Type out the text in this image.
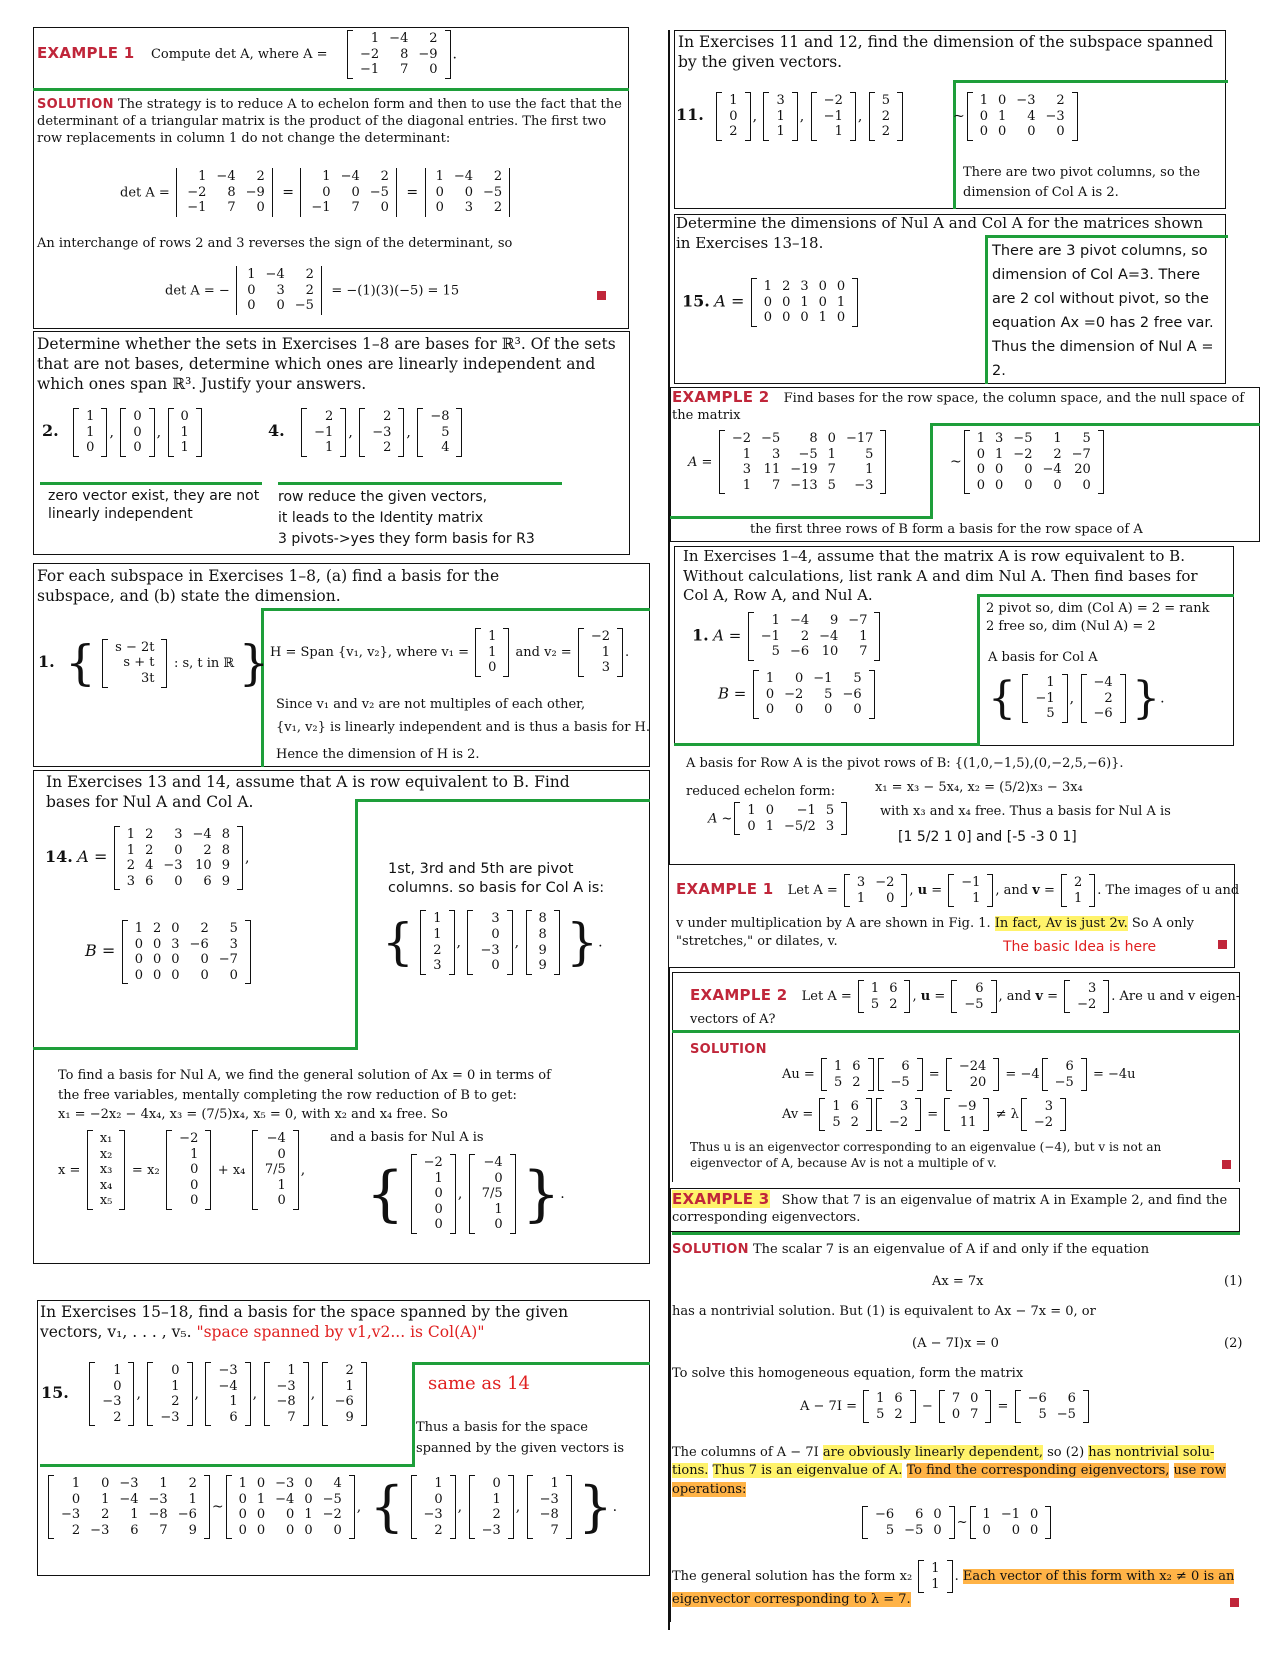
EXAMPLE 1 Compute det A, where A =
1	−4	2
−2	8	−9
−1	7	0
.
SOLUTION The strategy is to reduce A to echelon form and then to use the fact that the determinant of a triangular matrix is the product of the diagonal entries. The first two row replacements in column 1 do not change the determinant:
det A =
1	−4	2
−2	8	−9
−1	7	0
=
1	−4	2
0	0	−5
−1	7	0
=
1	−4	2
0	0	−5
0	3	2
An interchange of rows 2 and 3 reverses the sign of the determinant, so
det A = −
1	−4	2
0	3	2
0	0	−5
= −(1)(3)(−5) = 15
Determine whether the sets in Exercises 1–8 are bases for ℝ³. Of the sets that are not bases, determine which ones are linearly independent and which ones span ℝ³. Justify your answers.
2.
1
1
0
,
0
0
0
,
0
1
1
4.
2
−1
1
,
2
−3
2
,
−8
5
4
zero vector exist, they are not linearly independent
row reduce the given vectors,
it leads to the Identity matrix
3 pivots->yes they form basis for R3
For each subspace in Exercises 1–8, (a) find a basis for the subspace, and (b) state the dimension.
1. { s − 2t
s + t
3t
: s, t in ℝ } H = Span {v₁, v₂}, where v₁ =
1
1
0
and v₂ =
−2
1
3
.
Since v₁ and v₂ are not multiples of each other,
{v₁, v₂} is linearly independent and is thus a basis for H.
Hence the dimension of H is 2.
In Exercises 13 and 14, assume that A is row equivalent to B. Find bases for Nul A and Col A.
14. A =
1	2	3	−4	8
1	2	0	2	8
2	4	−3	10	9
3	6	0	6	9
,
B =
1	2	0	2	5
0	0	3	−6	3
0	0	0	0	−7
0	0	0	0	0
1st, 3rd and 5th are pivot columns. so basis for Col A is:
{ 1
1
2
3
,
3
0
−3
0
,
8
8
9
9 }.
To find a basis for Nul A, we find the general solution of Ax = 0 in terms of
the free variables, mentally completing the row reduction of B to get:
x₁ = −2x₂ − 4x₄, x₃ = (7/5)x₄, x₅ = 0, with x₂ and x₄ free. So
x =
x₁
x₂
x₃
x₄
x₅
= x₂
−2
1
0
0
0
+ x₄
−4
0
7/5
1
0
,
and a basis for Nul A is
{ −2
1
0
0
0
,
−4
0
7/5
1
0 }.
In Exercises 15–18, find a basis for the space spanned by the given vectors, v₁, . . . , v₅. "space spanned by v1,v2... is Col(A)"
15.
1
0
−3
2
,
0
1
2
−3
,
−3
−4
1
6
,
1
−3
−8
7
,
2
1
−6
9
same as 14
Thus a basis for the space spanned by the given vectors is
1	0	−3	1	2
0	1	−4	−3	1
−3	2	1	−8	−6
2	−3	6	7	9
~
1	0	−3	0	4
0	1	−4	0	−5
0	0	0	1	−2
0	0	0	0	0
, { 1
0
−3
2
,
0
1
2
−3
,
1
−3
−8
7 }.
In Exercises 11 and 12, find the dimension of the subspace spanned by the given vectors.
11.
1
0
2
,
3
1
1
,
−2
−1
1
,
5
2
2
~
1	0	−3	2
0	1	4	−3
0	0	0	0
There are two pivot columns, so the dimension of Col A is 2.
Determine the dimensions of Nul A and Col A for the matrices shown in Exercises 13–18.
15. A =
1	2	3	0	0
0	0	1	0	1
0	0	0	1	0
There are 3 pivot columns, so dimension of Col A=3. There are 2 col without pivot, so the equation Ax =0 has 2 free var. Thus the dimension of Nul A = 2.
EXAMPLE 2 Find bases for the row space, the column space, and the null space of the matrix
A =
−2	−5	8	0	−17
1	3	−5	1	5
3	11	−19	7	1
1	7	−13	5	−3
~
1	3	−5	1	5
0	1	−2	2	−7
0	0	0	−4	20
0	0	0	0	0
the first three rows of B form a basis for the row space of A
In Exercises 1–4, assume that the matrix A is row equivalent to B. Without calculations, list rank A and dim Nul A. Then find bases for Col A, Row A, and Nul A.
1. A =
1	−4	9	−7
−1	2	−4	1
5	−6	10	7
B =
1	0	−1	5
0	−2	5	−6
0	0	0	0
2 pivot so, dim (Col A) = 2 = rank
2 free so, dim (Nul A) = 2
A basis for Col A
{ 1
−1
5
,
−4
2
−6 }.
A basis for Row A is the pivot rows of B: {(1,0,−1,5),(0,−2,5,−6)}.
reduced echelon form:	x₁ = x₃ − 5x₄, x₂ = (5/2)x₃ − 3x₄
A ~
1	0	−1	5
0	1	−5/2	3
with x₃ and x₄ free. Thus a basis for Nul A is
[1 5/2 1 0] and [-5 -3 0 1]
EXAMPLE 1 Let A =
3	−2
1	0 , u =
−1
1 , and v =
2
1 . The images of u and
v under multiplication by A are shown in Fig. 1. In fact, Av is just 2v. So A only
"stretches," or dilates, v.	The basic Idea is here
EXAMPLE 2 Let A =
1	6
5	2 , u =
6
−5 , and v =
3
−2 . Are u and v eigen-
vectors of A?
SOLUTION
Au =
1	6
5	2
6
−5 =
−24
20 = −4
6
−5 = −4u
Av =
1	6
5	2
3
−2 =
−9
11 ≠ λ
3
−2
Thus u is an eigenvector corresponding to an eigenvalue (−4), but v is not an eigenvector of A, because Av is not a multiple of v.
EXAMPLE 3 Show that 7 is an eigenvalue of matrix A in Example 2, and find the corresponding eigenvectors.
SOLUTION The scalar 7 is an eigenvalue of A if and only if the equation
Ax = 7x	(1)
has a nontrivial solution. But (1) is equivalent to Ax − 7x = 0, or
(A − 7I)x = 0	(2)
To solve this homogeneous equation, form the matrix
A − 7I =
1	6
5	2 −
7	0
0	7 =
−6	6
5	−5
The columns of A − 7I are obviously linearly dependent, so (2) has nontrivial solu- tions. Thus 7 is an eigenvalue of A. To find the corresponding eigenvectors, use row operations:
−6	6	0
5	−5	0 ~
1	−1	0
0	0	0
The general solution has the form x₂
1
1 . Each vector of this form with x₂ ≠ 0 is an
eigenvector corresponding to λ = 7.
